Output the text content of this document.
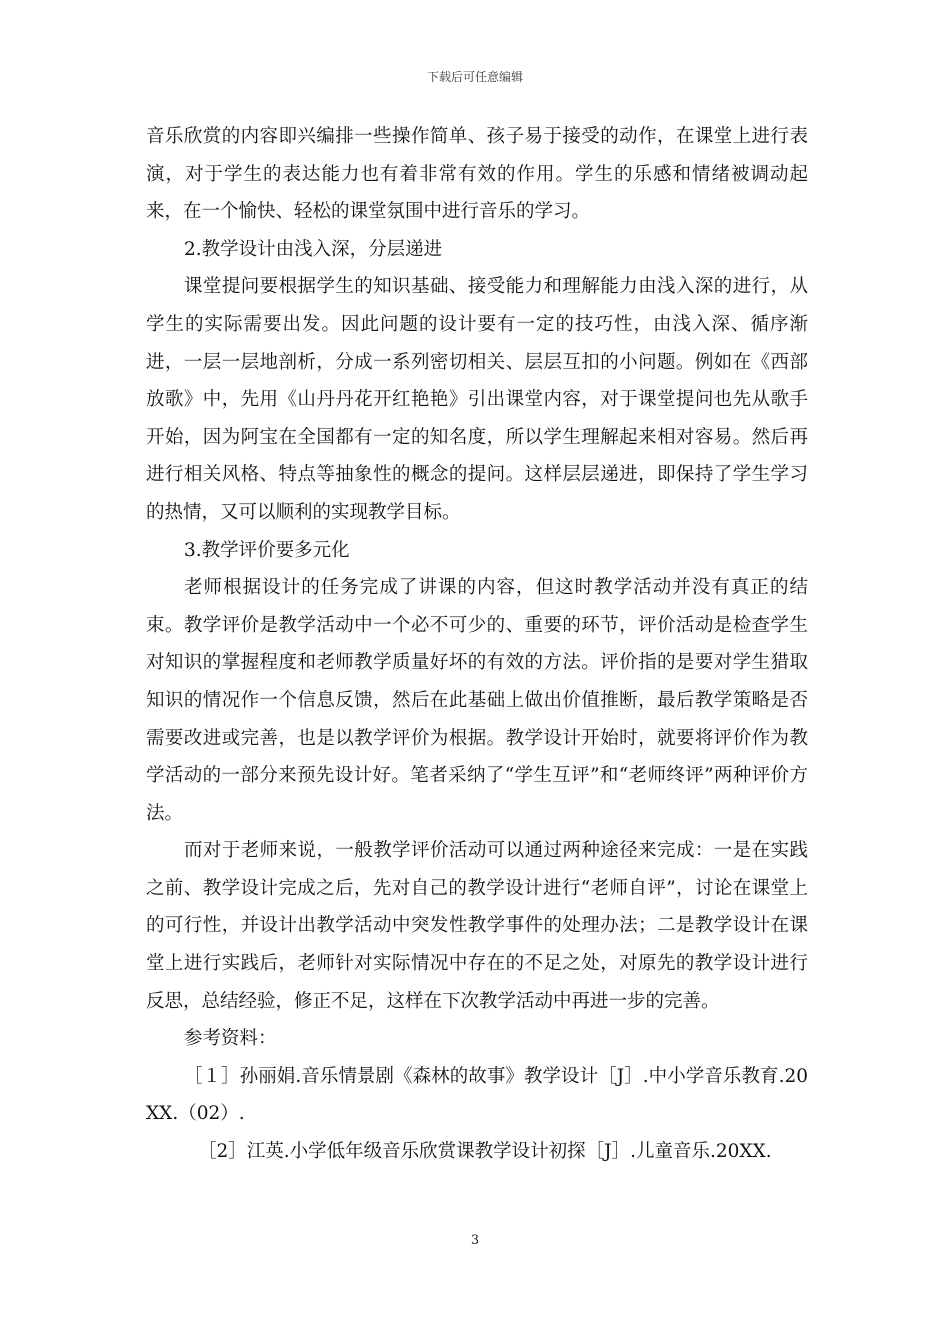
下载后可任意编辑

音乐欣赏的内容即兴编排一些操作简单、孩子易于接受的动作，在课堂上进行表演，对于学生的表达能力也有着非常有效的作用。学生的乐感和情绪被调动起来，在一个愉快、轻松的课堂氛围中进行音乐的学习。

2.教学设计由浅入深，分层递进

课堂提问要根据学生的知识基础、接受能力和理解能力由浅入深的进行，从学生的实际需要出发。因此问题的设计要有一定的技巧性，由浅入深、循序渐进，一层一层地剖析，分成一系列密切相关、层层互扣的小问题。例如在《西部放歌》中，先用《山丹丹花开红艳艳》引出课堂内容，对于课堂提问也先从歌手开始，因为阿宝在全国都有一定的知名度，所以学生理解起来相对容易。然后再进行相关风格、特点等抽象性的概念的提问。这样层层递进，即保持了学生学习的热情，又可以顺利的实现教学目标。

3.教学评价要多元化

老师根据设计的任务完成了讲课的内容，但这时教学活动并没有真正的结束。教学评价是教学活动中一个必不可少的、重要的环节，评价活动是检查学生对知识的掌握程度和老师教学质量好坏的有效的方法。评价指的是要对学生猎取知识的情况作一个信息反馈，然后在此基础上做出价值推断，最后教学策略是否需要改进或完善，也是以教学评价为根据。教学设计开始时，就要将评价作为教学活动的一部分来预先设计好。笔者采纳了“学生互评”和“老师终评”两种评价方法。

而对于老师来说，一般教学评价活动可以通过两种途径来完成：一是在实践之前、教学设计完成之后，先对自己的教学设计进行“老师自评”，讨论在课堂上的可行性，并设计出教学活动中突发性教学事件的处理办法；二是教学设计在课堂上进行实践后，老师针对实际情况中存在的不足之处，对原先的教学设计进行反思，总结经验，修正不足，这样在下次教学活动中再进一步的完善。

参考资料：

［１］孙丽娟.音乐情景剧《森林的故事》教学设计［J］.中小学音乐教育.20XX.（02）.

［2］江英.小学低年级音乐欣赏课教学设计初探［J］.儿童音乐.20XX.

3
